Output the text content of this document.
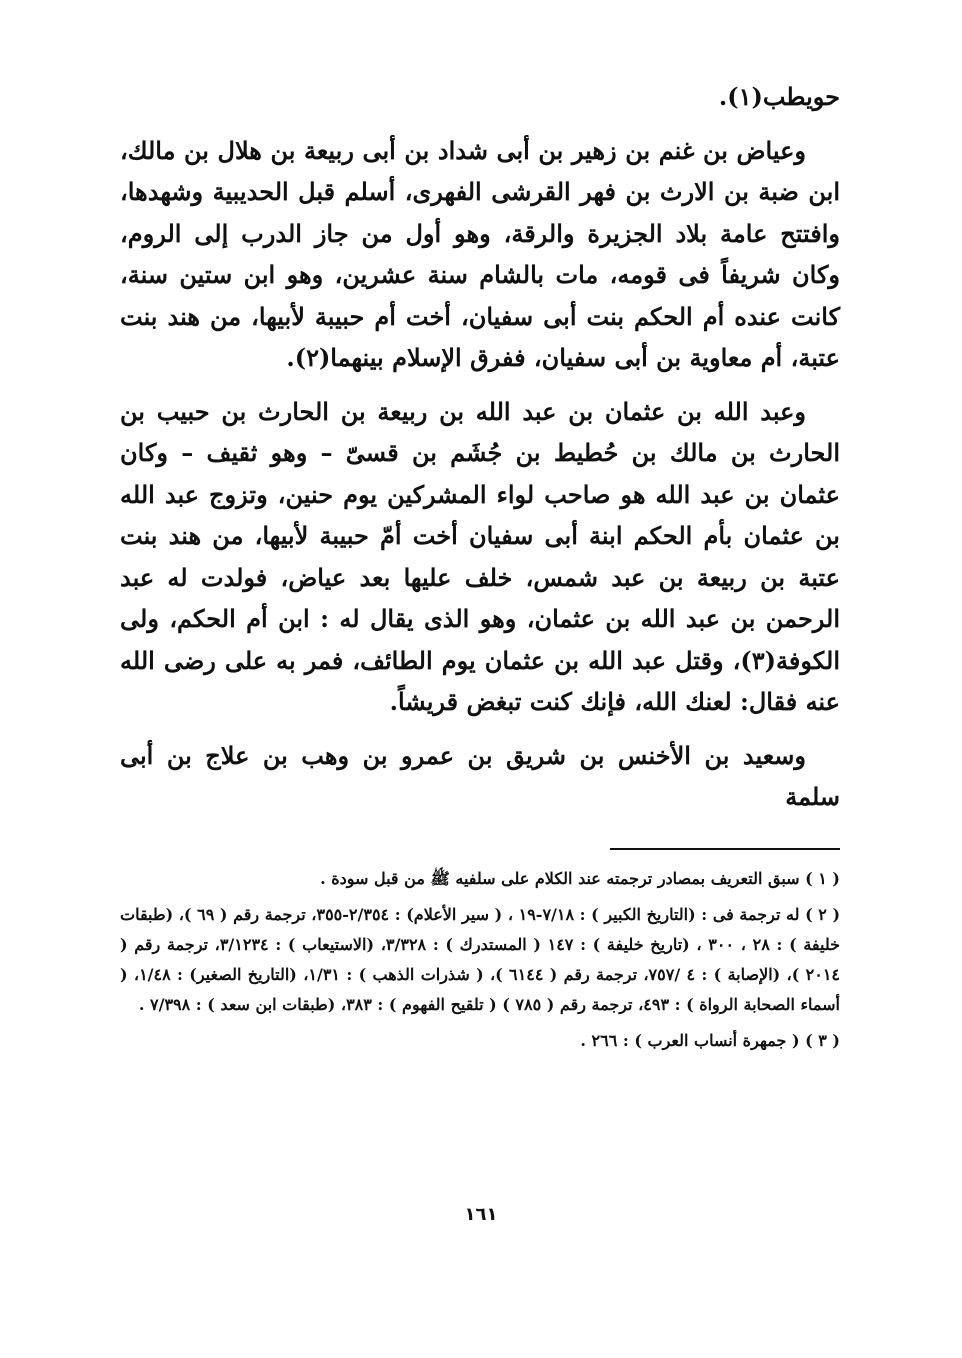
حويطب(١).

وعياض بن غنم بن زهير بن أبى شداد بن أبى ربيعة بن هلال بن مالك، ابن ضبة بن الارث بن فهر القرشى الفهرى، أسلم قبل الحديبية وشهدها، وافتتح عامة بلاد الجزيرة والرقة، وهو أول من جاز الدرب إلى الروم، وكان شريفاً فى قومه، مات بالشام سنة عشرين، وهو ابن ستين سنة، كانت عنده أم الحكم بنت أبى سفيان، أخت أم حبيبة لأبيها، من هند بنت عتبة، أم معاوية بن أبى سفيان، ففرق الإسلام بينهما(٢).

وعبد الله بن عثمان بن عبد الله بن ربيعة بن الحارث بن حبيب بن الحارث بن مالك بن حُطيط بن جُشَم بن قسىّ – وهو ثقيف – وكان عثمان بن عبد الله هو صاحب لواء المشركين يوم حنين، وتزوج عبد الله بن عثمان بأم الحكم ابنة أبى سفيان أخت أمّ حبيبة لأبيها، من هند بنت عتبة بن ربيعة بن عبد شمس، خلف عليها بعد عياض، فولدت له عبد الرحمن بن عبد الله بن عثمان، وهو الذى يقال له : ابن أم الحكم، ولى الكوفة(٣)، وقتل عبد الله بن عثمان يوم الطائف، فمر به على رضى الله عنه فقال: لعنك الله، فإنك كنت تبغض قريشاً.

وسعيد بن الأخنس بن شريق بن عمرو بن وهب بن علاج بن أبى سلمة

( ١ ) سبق التعريف بمصادر ترجمته عند الكلام على سلفيه ﷺ من قبل سودة .

( ٢ ) له ترجمة فى : (التاريخ الكبير ) : ٧/١٨-١٩ ، ( سير الأعلام) : ٢/٣٥٤-٣٥٥، ترجمة رقم ( ٦٩ )، (طبقات خليفة ) : ٢٨ ، ٣٠٠ ، (تاريخ خليفة ) : ١٤٧ ( المستدرك ) : ٣/٣٢٨، (الاستيعاب ) : ٣/١٢٣٤، ترجمة رقم ( ٢٠١٤ )، (الإصابة ) : ٤ /٧٥٧، ترجمة رقم ( ٦١٤٤ )، ( شذرات الذهب ) : ١/٣١، (التاريخ الصغير) : ١/٤٨، ( أسماء الصحابة الرواة ) : ٤٩٣، ترجمة رقم ( ٧٨٥ ) ( تلقيح الفهوم ) : ٣٨٣، (طبقات ابن سعد ) : ٧/٣٩٨ .

( ٣ ) ( جمهرة أنساب العرب ) : ٢٦٦ .

١٦١
